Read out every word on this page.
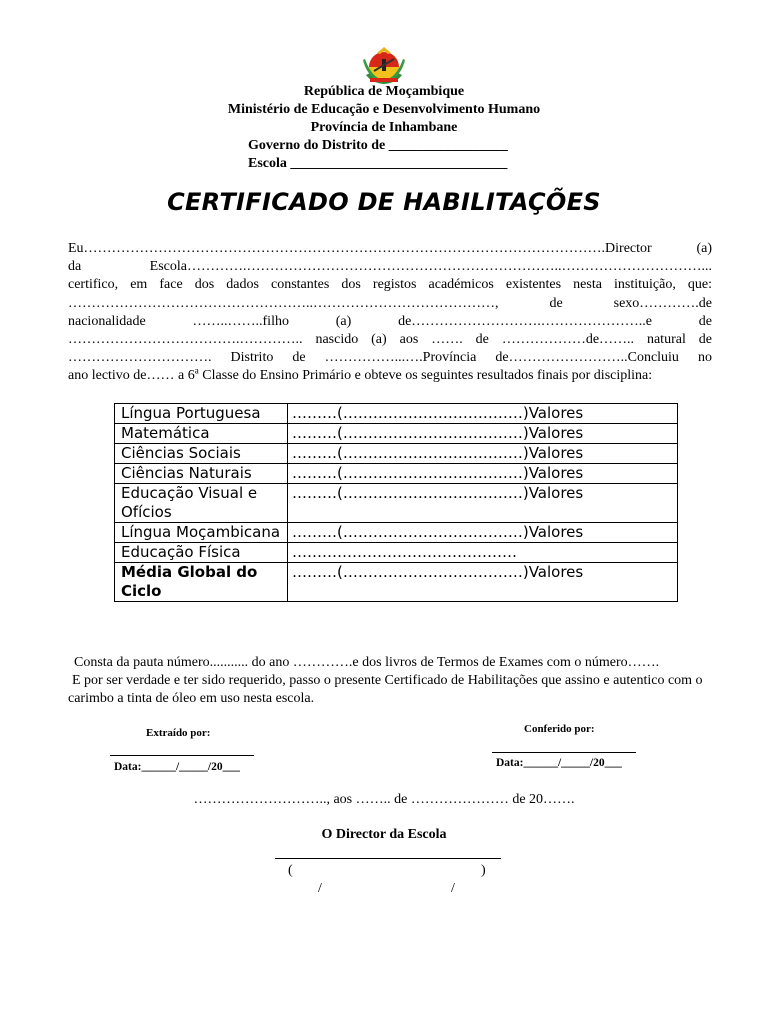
República de Moçambique
Ministério de Educação e Desenvolvimento Humano
Província de Inhambane
Governo do Distrito de _________________
Escola _______________________________
CERTIFICADO DE HABILITAÇÕES
Eu………………………………………………………………………………………………….Director (a)
da Escola………….…………………………………………………………..…………………………...
certifico, em face dos dados constantes dos registos académicos existentes nesta instituição, que:
……………………………………………..…………………………………, de sexo………….de
nacionalidade ……..……..filho (a) de……………………….…………………..e de
……………………………….………….. nascido (a) aos ……. de ………………de…….. natural de
…………………………. Distrito de ……………...….Província de……………………..Concluiu no
ano lectivo de…… a 6$^a$ Classe do Ensino Primário e obteve os seguintes resultados finais por disciplina:
Língua Portuguesa	………(………………………………)Valores
Matemática	………(………………………………)Valores
Ciências Sociais	………(………………………………)Valores
Ciências Naturais	………(………………………………)Valores
Educação Visual e Ofícios	………(………………………………)Valores
Língua Moçambicana	………(………………………………)Valores
Educação Física	………………………………………
Média Global do Ciclo	………(………………………………)Valores
Consta da pauta número........... do ano ………….e dos livros de Termos de Exames com o número…….
E por ser verdade e ter sido requerido, passo o presente Certificado de Habilitações que assino e autentico com o carimbo a tinta de óleo em uso nesta escola.
Extraído por:
Data:______/_____/20___
Conferido por:
Data:______/_____/20___
……………………….., aos …….. de ………………… de 20…….
O Director da Escola
(	)
/	/
